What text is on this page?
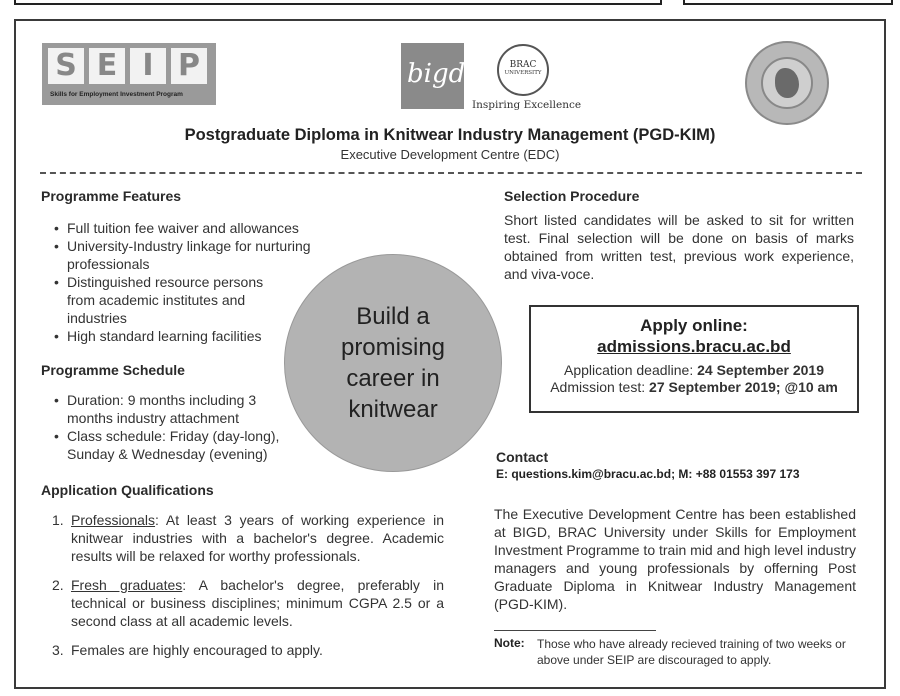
S E I P
Skills for Employment Investment Program
bigd	BRAC
UNIVERSITY
Inspiring Excellence
Postgraduate Diploma in Knitwear Industry Management (PGD-KIM)
Executive Development Centre (EDC)
Programme Features
• Full tuition fee waiver and allowances
• University-Industry linkage for nurturing professionals
• Distinguished resource persons from academic institutes and industries
• High standard learning facilities
Programme Schedule
• Duration: 9 months including 3 months industry attachment
• Class schedule: Friday (day-long), Sunday & Wednesday (evening)
Application Qualifications
1. Professionals: At least 3 years of working experience in knitwear industries with a bachelor's degree. Academic results will be relaxed for worthy professionals.
2. Fresh graduates: A bachelor's degree, preferably in technical or business disciplines; minimum CGPA 2.5 or a second class at all academic levels.
3. Females are highly encouraged to apply.
Build a promising career in knitwear
Selection Procedure
Short listed candidates will be asked to sit for written test. Final selection will be done on basis of marks obtained from written test, previous work experience, and viva-voce.
Apply online:
admissions.bracu.ac.bd
Application deadline: 24 September 2019
Admission test: 27 September 2019; @10 am
Contact
E: questions.kim@bracu.ac.bd; M: +88 01553 397 173
The Executive Development Centre has been established at BIGD, BRAC University under Skills for Employment Investment Programme to train mid and high level industry managers and young professionals by offerning Post Graduate Diploma in Knitwear Industry Management (PGD-KIM).
Note: Those who have already recieved training of two weeks or above under SEIP are discouraged to apply.
